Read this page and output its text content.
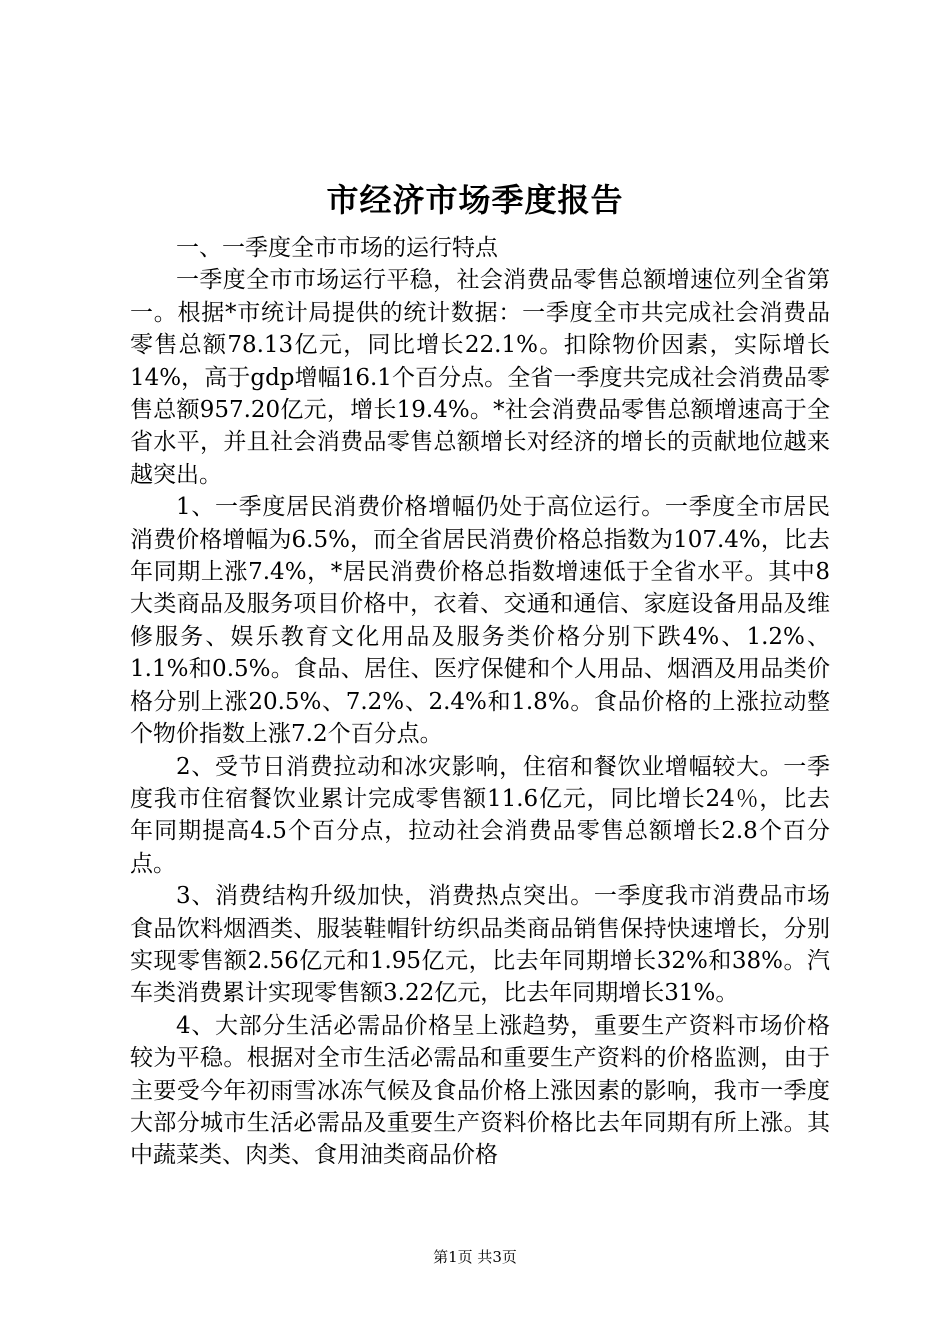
市经济市场季度报告

一、一季度全市市场的运行特点

一季度全市市场运行平稳，社会消费品零售总额增速位列全省第一。根据*市统计局提供的统计数据：一季度全市共完成社会消费品零售总额78.13亿元，同比增长22.1%。扣除物价因素，实际增长14%，高于gdp增幅16.1个百分点。全省一季度共完成社会消费品零售总额957.20亿元，增长19.4%。*社会消费品零售总额增速高于全省水平，并且社会消费品零售总额增长对经济的增长的贡献地位越来越突出。

1、一季度居民消费价格增幅仍处于高位运行。一季度全市居民消费价格增幅为6.5%，而全省居民消费价格总指数为107.4%，比去年同期上涨7.4%，*居民消费价格总指数增速低于全省水平。其中8大类商品及服务项目价格中，衣着、交通和通信、家庭设备用品及维修服务、娱乐教育文化用品及服务类价格分别下跌4%、1.2%、1.1%和0.5%。食品、居住、医疗保健和个人用品、烟酒及用品类价格分别上涨20.5%、7.2%、2.4%和1.8%。食品价格的上涨拉动整个物价指数上涨7.2个百分点。

2、受节日消费拉动和冰灾影响，住宿和餐饮业增幅较大。一季度我市住宿餐饮业累计完成零售额11.6亿元，同比增长24％，比去年同期提高4.5个百分点，拉动社会消费品零售总额增长2.8个百分点。

3、消费结构升级加快，消费热点突出。一季度我市消费品市场食品饮料烟酒类、服装鞋帽针纺织品类商品销售保持快速增长，分别实现零售额2.56亿元和1.95亿元，比去年同期增长32%和38%。汽车类消费累计实现零售额3.22亿元，比去年同期增长31%。

4、大部分生活必需品价格呈上涨趋势，重要生产资料市场价格较为平稳。根据对全市生活必需品和重要生产资料的价格监测，由于主要受今年初雨雪冰冻气候及食品价格上涨因素的影响，我市一季度大部分城市生活必需品及重要生产资料价格比去年同期有所上涨。其中蔬菜类、肉类、食用油类商品价格

第1页 共3页
